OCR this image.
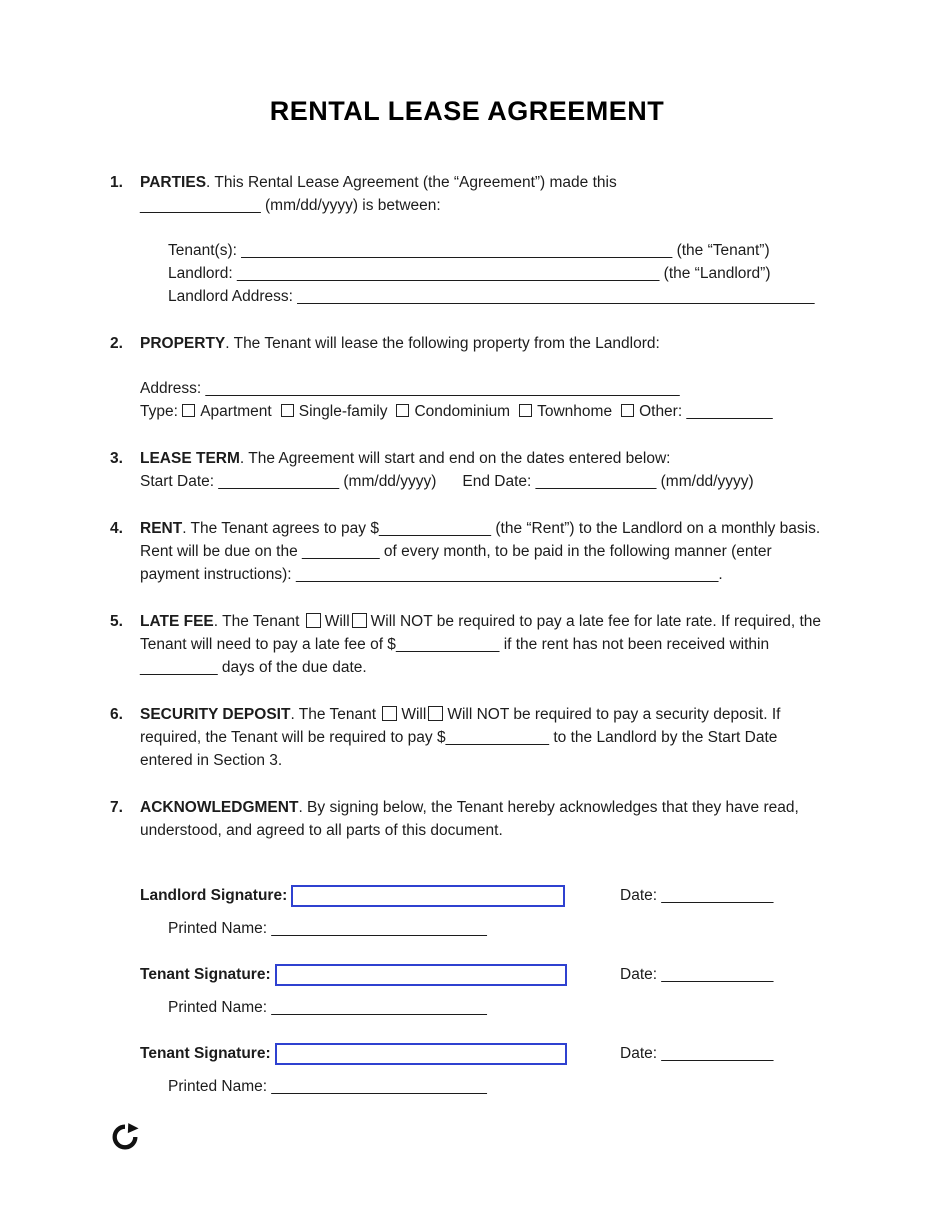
RENTAL LEASE AGREEMENT
1.	PARTIES. This Rental Lease Agreement (the “Agreement”) made this
______________ (mm/dd/yyyy) is between:
Tenant(s): __________________________________________________ (the “Tenant”)
Landlord: _________________________________________________ (the “Landlord”)
Landlord Address: ____________________________________________________________
2.	PROPERTY. The Tenant will lease the following property from the Landlord:
Address: _______________________________________________________
Type: Apartment Single-family Condominium Townhome Other: __________
3.	LEASE TERM. The Agreement will start and end on the dates entered below:
Start Date: ______________ (mm/dd/yyyy) End Date: ______________ (mm/dd/yyyy)
4.	RENT. The Tenant agrees to pay $_____________ (the “Rent”) to the Landlord on a monthly basis. Rent will be due on the _________ of every month, to be paid in the following manner (enter payment instructions): _________________________________________________.
5.	LATE FEE. The Tenant Will Will NOT be required to pay a late fee for late rate. If required, the Tenant will need to pay a late fee of $____________ if the rent has not been received within _________ days of the due date.
6.	SECURITY DEPOSIT. The Tenant Will Will NOT be required to pay a security deposit. If required, the Tenant will be required to pay $____________ to the Landlord by the Start Date entered in Section 3.
7.	ACKNOWLEDGMENT. By signing below, the Tenant hereby acknowledges that they have read, understood, and agreed to all parts of this document.
Landlord Signature:	Date: _____________
Printed Name: _________________________
Tenant Signature:	Date: _____________
Printed Name: _________________________
Tenant Signature:	Date: _____________
Printed Name: _________________________
